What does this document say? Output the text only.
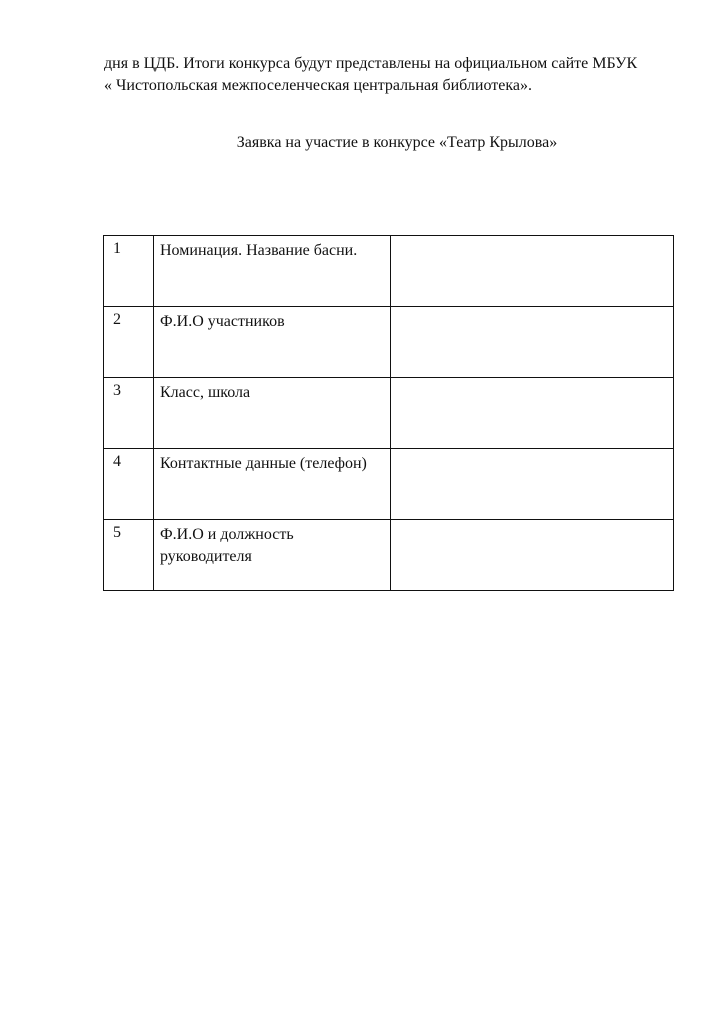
дня в ЦДБ. Итоги конкурса будут представлены на официальном сайте МБУК
« Чистопольская межпоселенческая центральная библиотека».
Заявка на участие в конкурсе «Театр Крылова»
1	Номинация. Название басни.	
2	Ф.И.О участников	
3	Класс, школа	
4	Контактные данные (телефон)	
5	Ф.И.О и должность руководителя	
